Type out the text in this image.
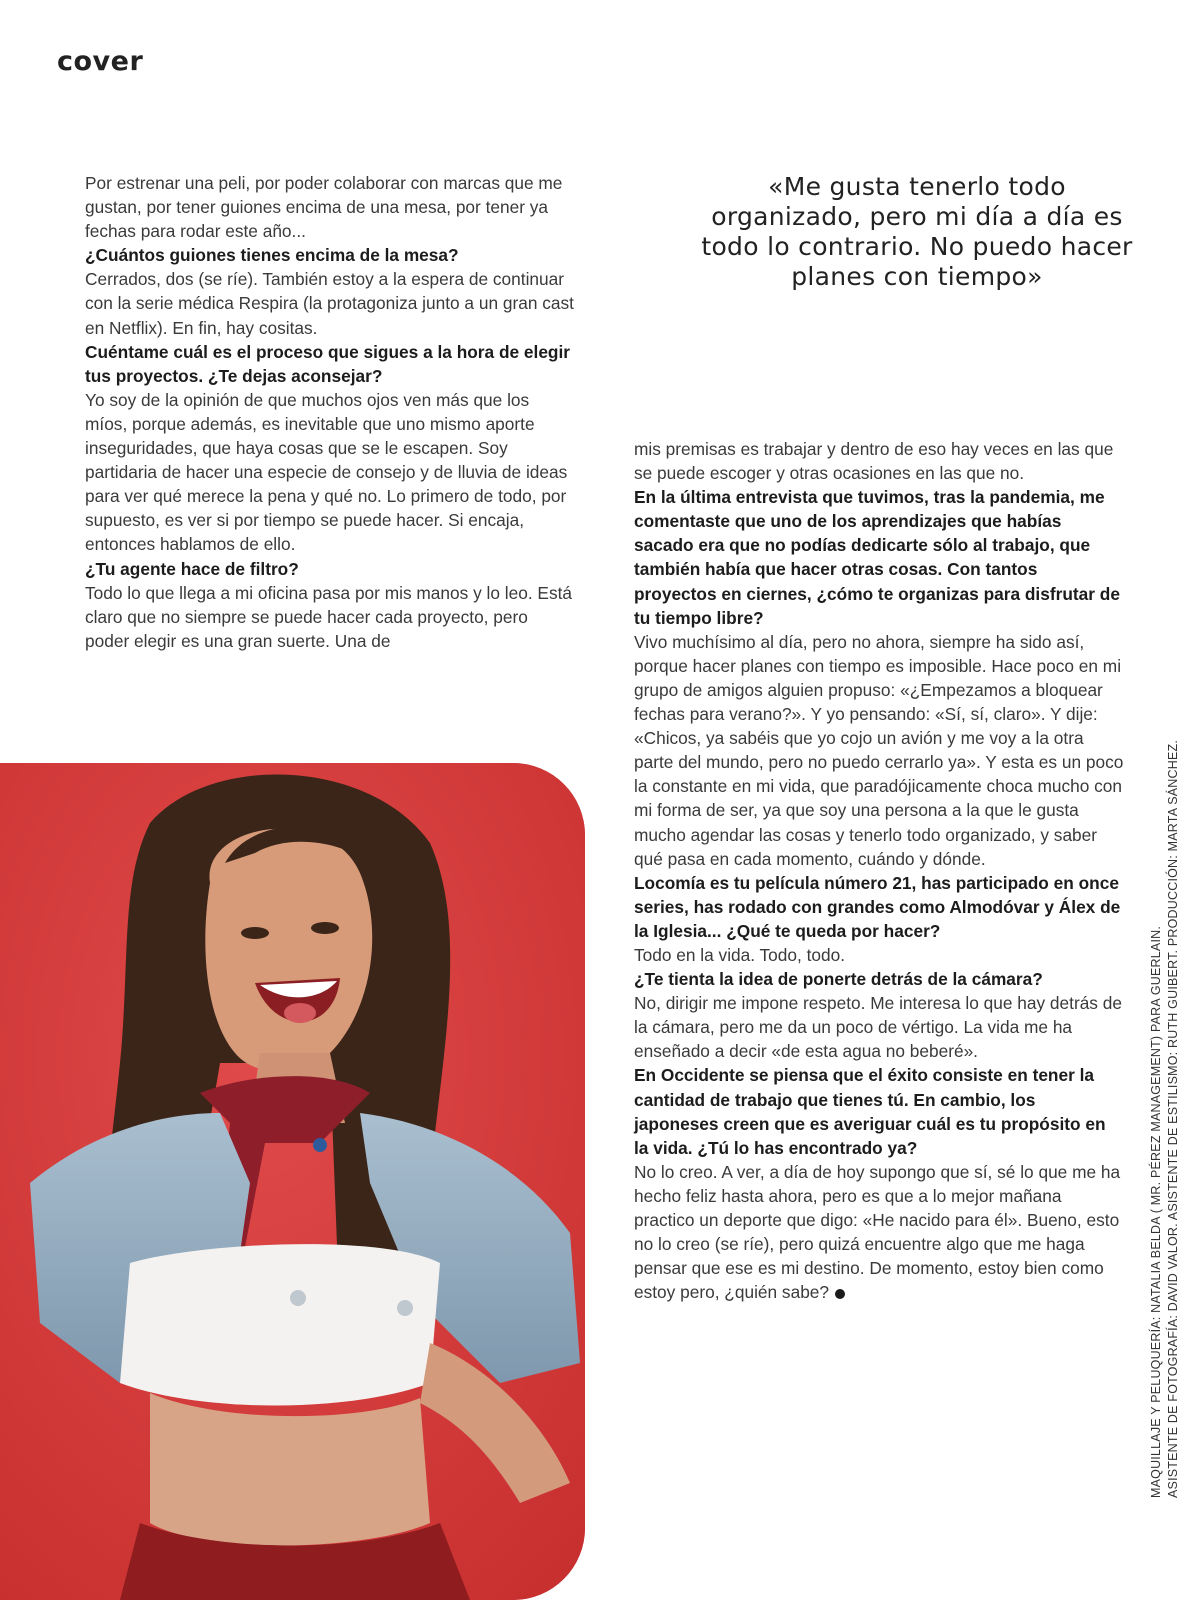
cover

Por estrenar una peli, por poder colaborar con marcas que me gustan, por tener guiones encima de una mesa, por tener ya fechas para rodar este año...

¿Cuántos guiones tienes encima de la mesa?

Cerrados, dos (se ríe). También estoy a la espera de continuar con la serie médica Respira (la protagoniza junto a un gran cast en Netflix). En fin, hay cositas.

Cuéntame cuál es el proceso que sigues a la hora de elegir tus proyectos. ¿Te dejas aconsejar?

Yo soy de la opinión de que muchos ojos ven más que los míos, porque además, es inevitable que uno mismo aporte inseguridades, que haya cosas que se le escapen. Soy partidaria de hacer una especie de consejo y de lluvia de ideas para ver qué merece la pena y qué no. Lo primero de todo, por supuesto, es ver si por tiempo se puede hacer. Si encaja, entonces hablamos de ello.

¿Tu agente hace de filtro?

Todo lo que llega a mi oficina pasa por mis manos y lo leo. Está claro que no siempre se puede hacer cada proyecto, pero poder elegir es una gran suerte. Una de

«Me gusta tenerlo todo organizado, pero mi día a día es todo lo contrario. No puedo hacer planes con tiempo»

mis premisas es trabajar y dentro de eso hay veces en las que se puede escoger y otras ocasiones en las que no.

En la última entrevista que tuvimos, tras la pandemia, me comentaste que uno de los aprendizajes que habías sacado era que no podías dedicarte sólo al trabajo, que también había que hacer otras cosas. Con tantos proyectos en ciernes, ¿cómo te organizas para disfrutar de tu tiempo libre?

Vivo muchísimo al día, pero no ahora, siempre ha sido así, porque hacer planes con tiempo es imposible. Hace poco en mi grupo de amigos alguien propuso: «¿Empezamos a bloquear fechas para verano?». Y yo pensando: «Sí, sí, claro». Y dije: «Chicos, ya sabéis que yo cojo un avión y me voy a la otra parte del mundo, pero no puedo cerrarlo ya». Y esta es un poco la constante en mi vida, que paradójicamente choca mucho con mi forma de ser, ya que soy una persona a la que le gusta mucho agendar las cosas y tenerlo todo organizado, y saber qué pasa en cada momento, cuándo y dónde.

Locomía es tu película número 21, has participado en once series, has rodado con grandes como Almodóvar y Álex de la Iglesia... ¿Qué te queda por hacer?

Todo en la vida. Todo, todo.

¿Te tienta la idea de ponerte detrás de la cámara?

No, dirigir me impone respeto. Me interesa lo que hay detrás de la cámara, pero me da un poco de vértigo. La vida me ha enseñado a decir «de esta agua no beberé».

En Occidente se piensa que el éxito consiste en tener la cantidad de trabajo que tienes tú. En cambio, los japoneses creen que es averiguar cuál es tu propósito en la vida. ¿Tú lo has encontrado ya?

No lo creo. A ver, a día de hoy supongo que sí, sé lo que me ha hecho feliz hasta ahora, pero es que a lo mejor mañana practico un deporte que digo: «He nacido para él». Bueno, esto no lo creo (se ríe), pero quizá encuentre algo que me haga pensar que ese es mi destino. De momento, estoy bien como estoy pero, ¿quién sabe?	MAQUILLAJE Y PELUQUERÍA: NATALIA BELDA ( MR. PÉREZ MANAGEMENT) PARA GUERLAIN. ASISTENTE DE FOTOGRAFÍA: DAVID VALOR. ASISTENTE DE ESTILISMO: RUTH GUIBERT. PRODUCCIÓN: MARTA SÁNCHEZ.
